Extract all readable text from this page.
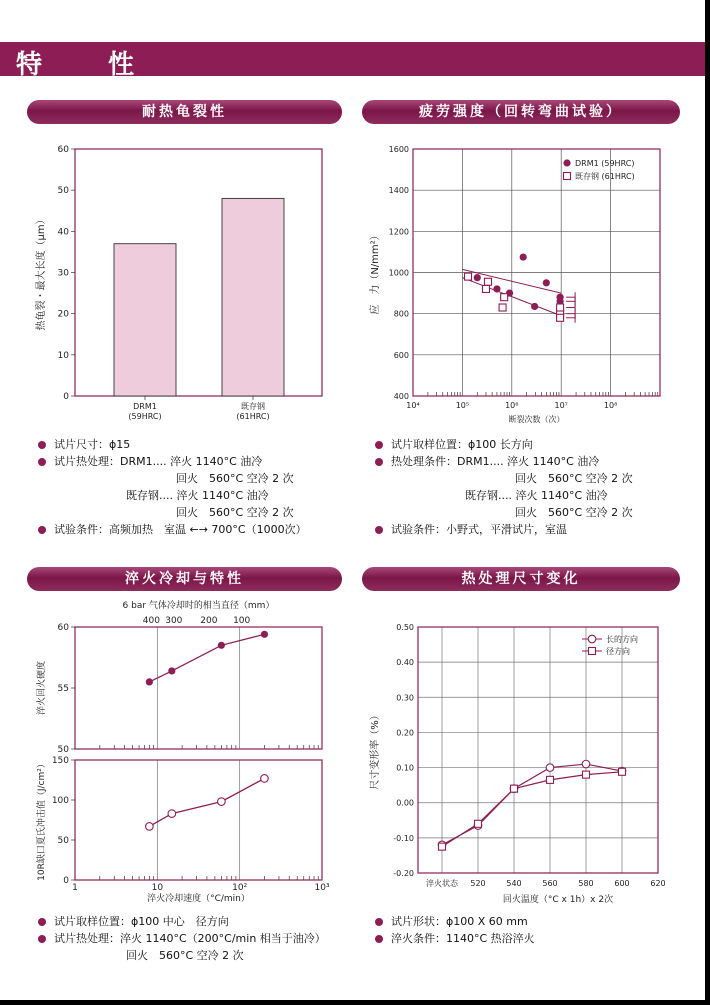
特　性
耐热龟裂性	疲劳强度（回转弯曲试验）
淬火冷却与特性	热处理尺寸变化
0
10
20
30
40
50
60
热龟裂・最大长度（μm）
DRM1
(59HRC)
既存钢
(61HRC)
400
600
800
1000
1200
1400
1600
10⁴	10⁵	10⁶	10⁷	10⁸
断裂次数（次）
应　力（N/mm²）
DRM1 (59HRC)
既存钢 (61HRC)
6 bar 气体冷却时的相当直径（mm）
400 300 200 100
50
55
60
淬火回火硬度
0
50
100
150
10R缺口夏氏冲击值（J/cm²）
1	10	10²	10³
淬火冷却速度（°C/min）
-0.20
-0.10
0.00
0.10
0.20
0.30
0.40
0.50
淬火状态 520	540	560	580	600	620
回火温度（°C x 1h）x 2次
尺寸变形率（%）
长的方向
径方向
试片尺寸：ϕ15
试片热处理：DRM1.... 淬火 1140°C 油冷
回火　560°C 空冷 2 次
既存钢.... 淬火 1140°C 油冷
回火　560°C 空冷 2 次
试验条件：高频加热　室温 ←→ 700°C（1000次）
试片取样位置：ϕ100 长方向
热处理条件：DRM1.... 淬火 1140°C 油冷
回火　560°C 空冷 2 次
既存钢.... 淬火 1140°C 油冷
回火　560°C 空冷 2 次
试验条件：小野式，平滑试片，室温
试片取样位置：ϕ100 中心　径方向
试片热处理：淬火 1140°C（200°C/min 相当于油冷）
回火　560°C 空冷 2 次
试片形状：ϕ100 X 60 mm
淬火条件：1140°C 热浴淬火
